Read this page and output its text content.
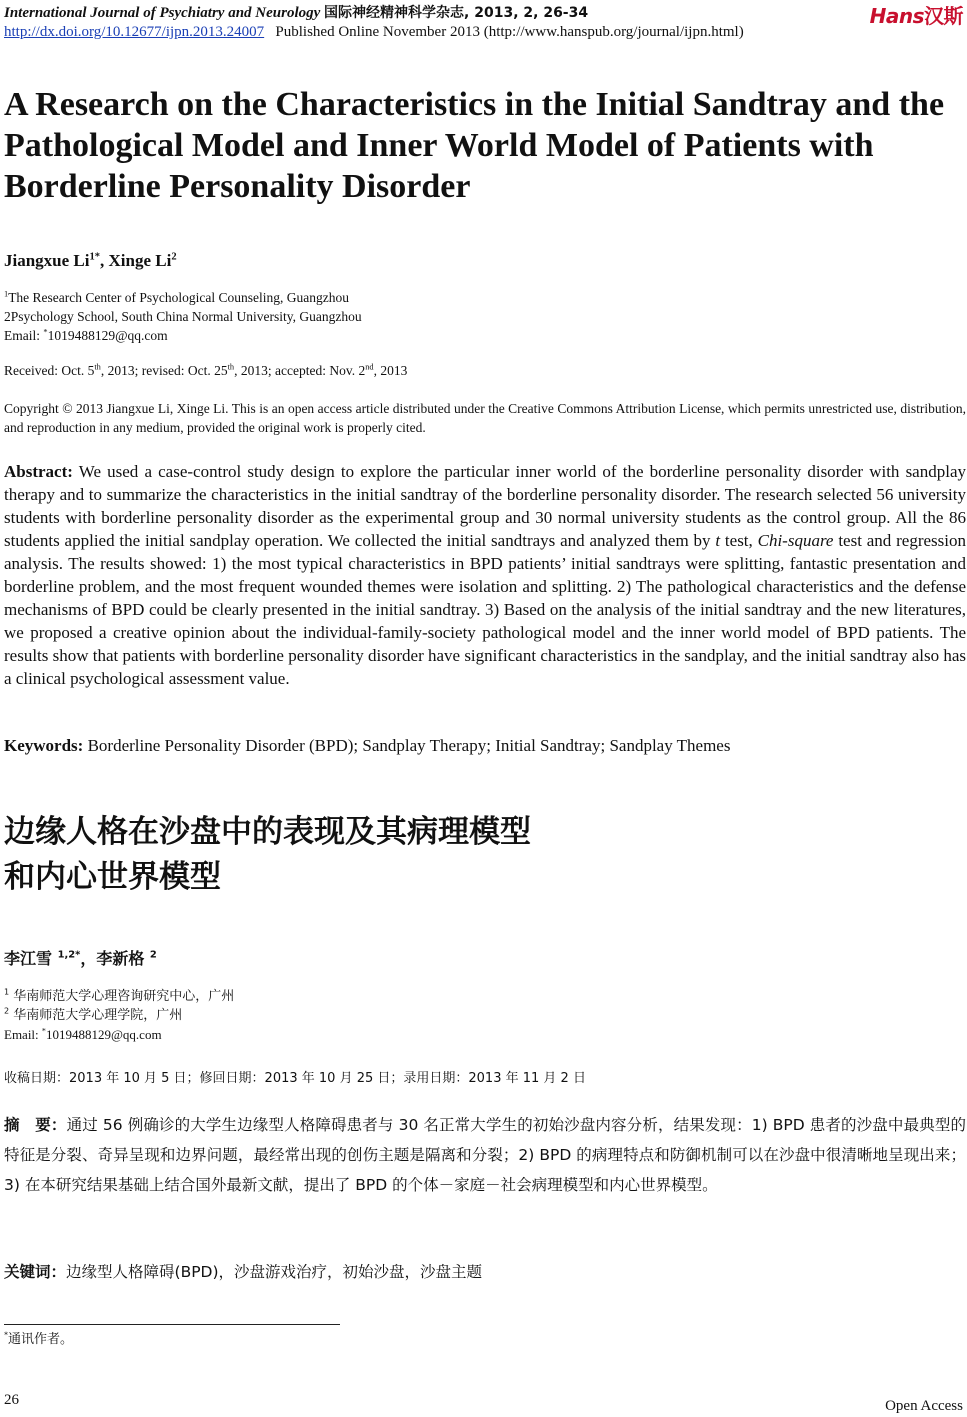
International Journal of Psychiatry and Neurology 国际神经精神科学杂志, 2013, 2, 26-34	Hans汉斯
http://dx.doi.org/10.12677/ijpn.2013.24007 Published Online November 2013 (http://www.hanspub.org/journal/ijpn.html)
A Research on the Characteristics in the Initial Sandtray and the Pathological Model and Inner World Model of Patients with Borderline Personality Disorder
Jiangxue $Li^{1*}$, Xinge Li$^2$
$^1$The Research Center of Psychological Counseling, Guangzhou
2Psychology School, South China Normal University, Guangzhou
Email: *1019488129@qq.com
Received: Oct. 5th, 2013; revised: Oct. 25th, 2013; accepted: Nov. 2nd, 2013
Copyright © 2013 Jiangxue Li, Xinge Li. This is an open access article distributed under the Creative Commons Attribution License, which permits unrestricted use, distribution, and reproduction in any medium, provided the original work is properly cited.
Abstract: We used a case-control study design to explore the particular inner world of the borderline personality disorder with sandplay therapy and to summarize the characteristics in the initial sandtray of the borderline personality disorder. The research selected 56 university students with borderline personality disorder as the experimental group and 30 normal university students as the control group. All the 86 students applied the initial sandplay operation. We collected the initial sandtrays and analyzed them by t test, Chi-square test and regression analysis. The results showed: 1) the most typical characteristics in BPD patients’ initial sandtrays were splitting, fantastic presentation and borderline problem, and the most frequent wounded themes were isolation and splitting. 2) The pathological characteristics and the defense mechanisms of BPD could be clearly presented in the initial sandtray. 3) Based on the analysis of the initial sandtray and the new literatures, we proposed a creative opinion about the individual-family-society pathological model and the inner world model of BPD patients. The results show that patients with borderline personality disorder have significant characteristics in the sandplay, and the initial sandtray also has a clinical psychological assessment value.
Keywords: Borderline Personality Disorder (BPD); Sandplay Therapy; Initial Sandtray; Sandplay Themes
边缘人格在沙盘中的表现及其病理模型
和内心世界模型
李江雪 $^{1,2*}$，李新格 $^2$
$^1$ 华南师范大学心理咨询研究中心，广州
$^2$ 华南师范大学心理学院，广州
Email: *1019488129@qq.com
收稿日期：2013 年 10 月 5 日；修回日期：2013 年 10 月 25 日；录用日期：2013 年 11 月 2 日
摘　要：通过 56 例确诊的大学生边缘型人格障碍患者与 30 名正常大学生的初始沙盘内容分析，结果发现：1) BPD 患者的沙盘中最典型的特征是分裂、奇异呈现和边界问题，最经常出现的创伤主题是隔离和分裂；2) BPD 的病理特点和防御机制可以在沙盘中很清晰地呈现出来；3) 在本研究结果基础上结合国外最新文献，提出了 BPD 的个体－家庭－社会病理模型和内心世界模型。
关键词：边缘型人格障碍(BPD)，沙盘游戏治疗，初始沙盘，沙盘主题
*通讯作者。
26	Open Access
